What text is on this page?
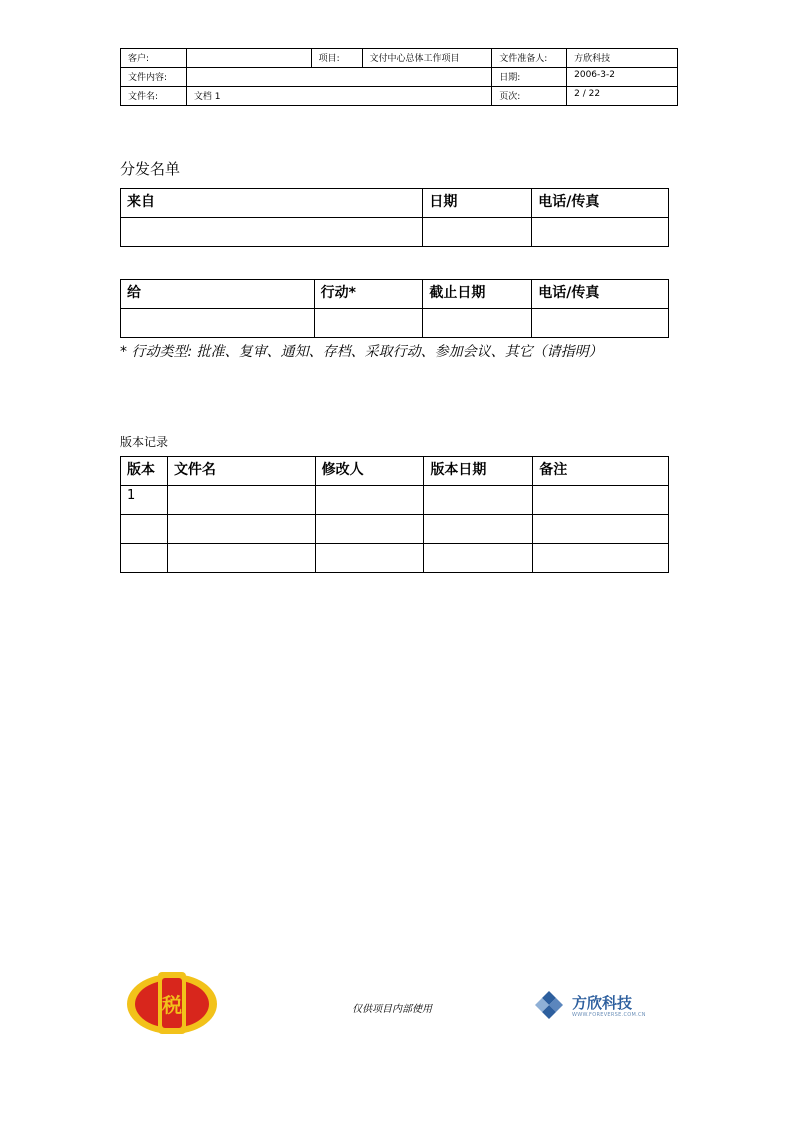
客户:		项目:	文付中心总体工作项目	文件准备人:	方欣科技
文件内容:				日期:	2006-3-2
文件名:	文档 1			页次:	2 / 22
分发名单
来自	日期	电话/传真

给	行动*	截止日期	电话/传真

* 行动类型: 批准、复审、通知、存档、采取行动、参加会议、其它（请指明）
版本记录
版本	文件名	修改人	版本日期	备注
1				

税	仅供项目内部使用	方欣科技
WWW.FOREVERSE.COM.CN
